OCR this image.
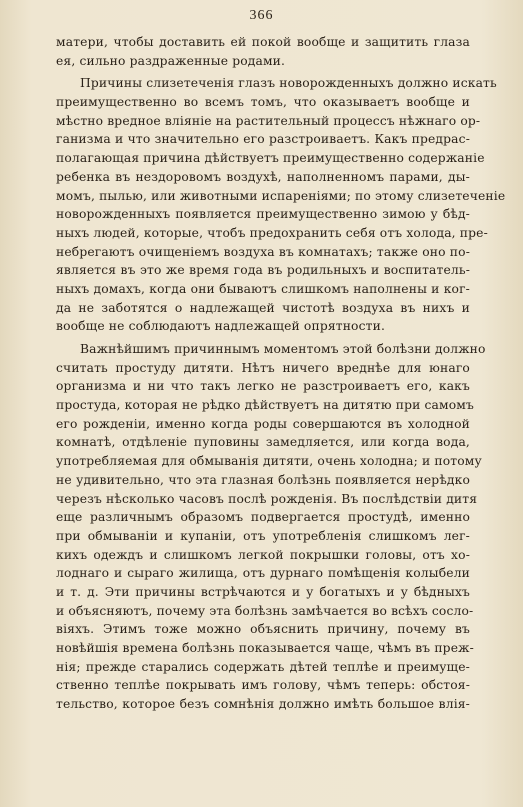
366
матери, чтобы доставить ей покой вообще и защитить глаза
ея, сильно раздраженные родами.
Причины слизетеченія глазъ новорожденныхъ должно искать
преимущественно во всемъ томъ, что оказываетъ вообще и
мѣстно вредное вліяніе на растительный процессъ нѣжнаго ор-
ганизма и что значительно его разстроиваетъ. Какъ предрас-
полагающая причина дѣйствуетъ преимущественно содержаніе
ребенка въ нездоровомъ воздухѣ, наполненномъ парами, ды-
момъ, пылью, или животными испареніями; по этому слизетеченіе
новорожденныхъ появляется преимущественно зимою у бѣд-
ныхъ людей, которые, чтобъ предохранить себя отъ холода, пре-
небрегаютъ очищеніемъ воздуха въ комнатахъ; также оно по-
является въ это же время года въ родильныхъ и воспитатель-
ныхъ домахъ, когда они бываютъ слишкомъ наполнены и ког-
да не заботятся о надлежащей чистотѣ воздуха въ нихъ и
вообще не соблюдаютъ надлежащей опрятности.
Важнѣйшимъ причиннымъ моментомъ этой болѣзни должно
считать простуду дитяти. Нѣтъ ничего вреднѣе для юнаго
организма и ни что такъ легко не разстроиваетъ его, какъ
простуда, которая не рѣдко дѣйствуетъ на дитятю при самомъ
его рожденіи, именно когда роды совершаются въ холодной
комнатѣ, отдѣленіе пуповины замедляется, или когда вода,
употребляемая для обмыванія дитяти, очень холодна; и потому
не удивительно, что эта глазная болѣзнь появляется нерѣдко
черезъ нѣсколько часовъ послѣ рожденія. Въ послѣдствіи дитя
еще различнымъ образомъ подвергается простудѣ, именно
при обмываніи и купаніи, отъ употребленія слишкомъ лег-
кихъ одеждъ и слишкомъ легкой покрышки головы, отъ хо-
лоднаго и сыраго жилища, отъ дурнаго помѣщенія колыбели
и т. д. Эти причины встрѣчаются и у богатыхъ и у бѣдныхъ
и объясняютъ, почему эта болѣзнь замѣчается во всѣхъ сосло-
віяхъ. Этимъ тоже можно объяснить причину, почему въ
новѣйшія времена болѣзнь показывается чаще, чѣмъ въ преж-
нія; прежде старались содержать дѣтей теплѣе и преимуще-
ственно теплѣе покрывать имъ голову, чѣмъ теперь: обстоя-
тельство, которое безъ сомнѣнія должно имѣть большое влія-
